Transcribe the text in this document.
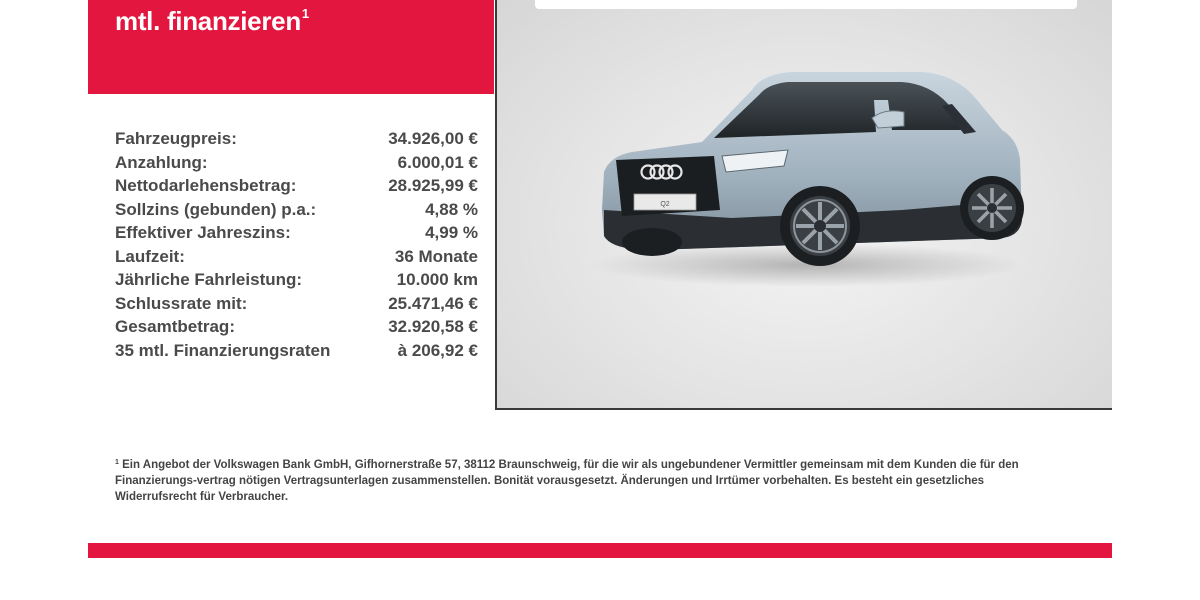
mtl. finanzieren$^1$
Fahrzeugpreis:	34.926,00 €
Anzahlung:	6.000,01 €
Nettodarlehensbetrag:	28.925,99 €
Sollzins (gebunden) p.a.:	4,88 %
Effektiver Jahreszins:	4,99 %
Laufzeit:	36 Monate
Jährliche Fahrleistung:	10.000 km
Schlussrate mit:	25.471,46 €
Gesamtbetrag:	32.920,58 €
35 mtl. Finanzierungsraten	à 206,92 €
Q2
$^1$ Ein Angebot der Volkswagen Bank GmbH, Gifhornerstraße 57, 38112 Braunschweig, für die wir als ungebundener Vermittler gemeinsam mit dem Kunden die für den Finanzierungs-vertrag nötigen Vertragsunterlagen zusammenstellen. Bonität vorausgesetzt. Änderungen und Irrtümer vorbehalten. Es besteht ein gesetzliches Widerrufsrecht für Verbraucher.
